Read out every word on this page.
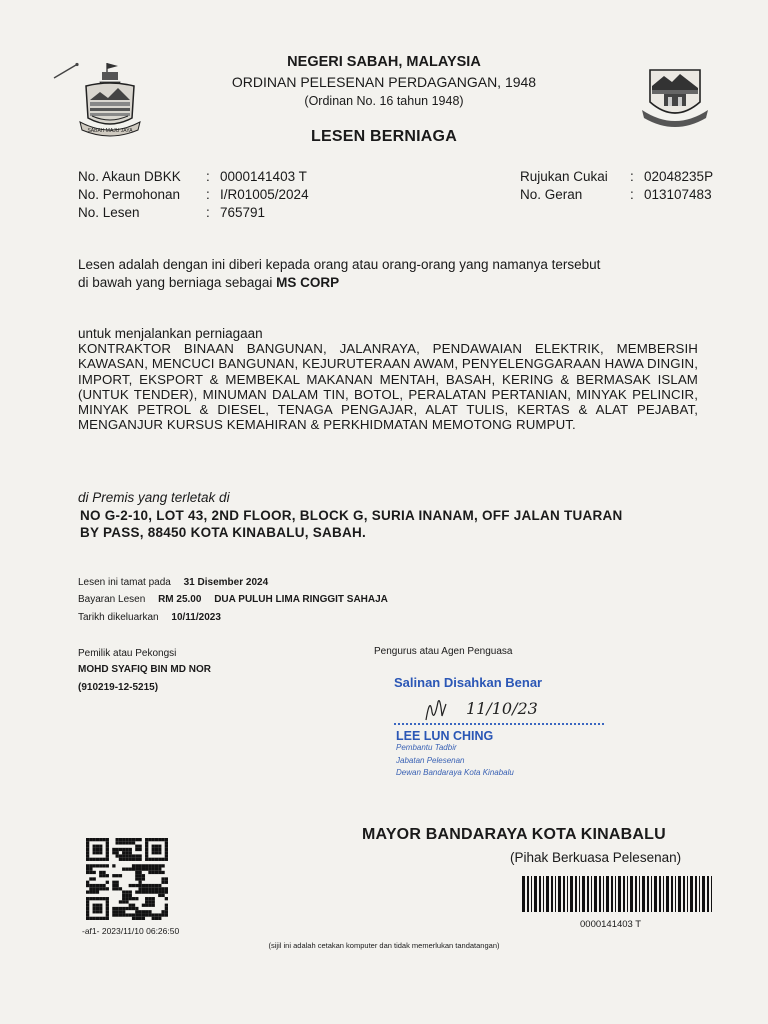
SABAH MAJU JAYA
NEGERI SABAH, MALAYSIA
ORDINAN PELESENAN PERDAGANGAN, 1948
(Ordinan No. 16 tahun 1948)
LESEN BERNIAGA
No. Akaun DBKK	: 0000141403 T
No. Permohonan	: I/R01005/2024
No. Lesen	: 765791
Rujukan Cukai	: 02048235P
No. Geran	: 013107483
Lesen adalah dengan ini diberi kepada orang atau orang-orang yang namanya tersebut
di bawah yang berniaga sebagai MS CORP
untuk menjalankan perniagaan
KONTRAKTOR BINAAN BANGUNAN, JALANRAYA, PENDAWAIAN ELEKTRIK, MEMBERSIH KAWASAN, MENCUCI BANGUNAN, KEJURUTERAAN AWAM, PENYELENGGARAAN HAWA DINGIN, IMPORT, EKSPORT & MEMBEKAL MAKANAN MENTAH, BASAH, KERING & BERMASAK ISLAM (UNTUK TENDER), MINUMAN DALAM TIN, BOTOL, PERALATAN PERTANIAN, MINYAK PELINCIR, MINYAK PETROL & DIESEL, TENAGA PENGAJAR, ALAT TULIS, KERTAS & ALAT PEJABAT, MENGANJUR KURSUS KEMAHIRAN & PERKHIDMATAN MEMOTONG RUMPUT.
di Premis yang terletak di
NO G-2-10, LOT 43, 2ND FLOOR, BLOCK G, SURIA INANAM, OFF JALAN TUARAN
BY PASS, 88450 KOTA KINABALU, SABAH.
Lesen ini tamat pada 31 Disember 2024
Bayaran Lesen RM 25.00 DUA PULUH LIMA RINGGIT SAHAJA
Tarikh dikeluarkan 10/11/2023
Pemilik atau Pekongsi
MOHD SYAFIQ BIN MD NOR
(910219-12-5215)
Pengurus atau Agen Penguasa
Salinan Disahkan Benar
11/10/23
LEE LUN CHING
Pembantu Tadbir
Jabatan Pelesenan
Dewan Bandaraya Kota Kinabalu
MAYOR BANDARAYA KOTA KINABALU
(Pihak Berkuasa Pelesenan)
0000141403 T
-af1- 2023/11/10 06:26:50
(sijil ini adalah cetakan komputer dan tidak memerlukan tandatangan)
